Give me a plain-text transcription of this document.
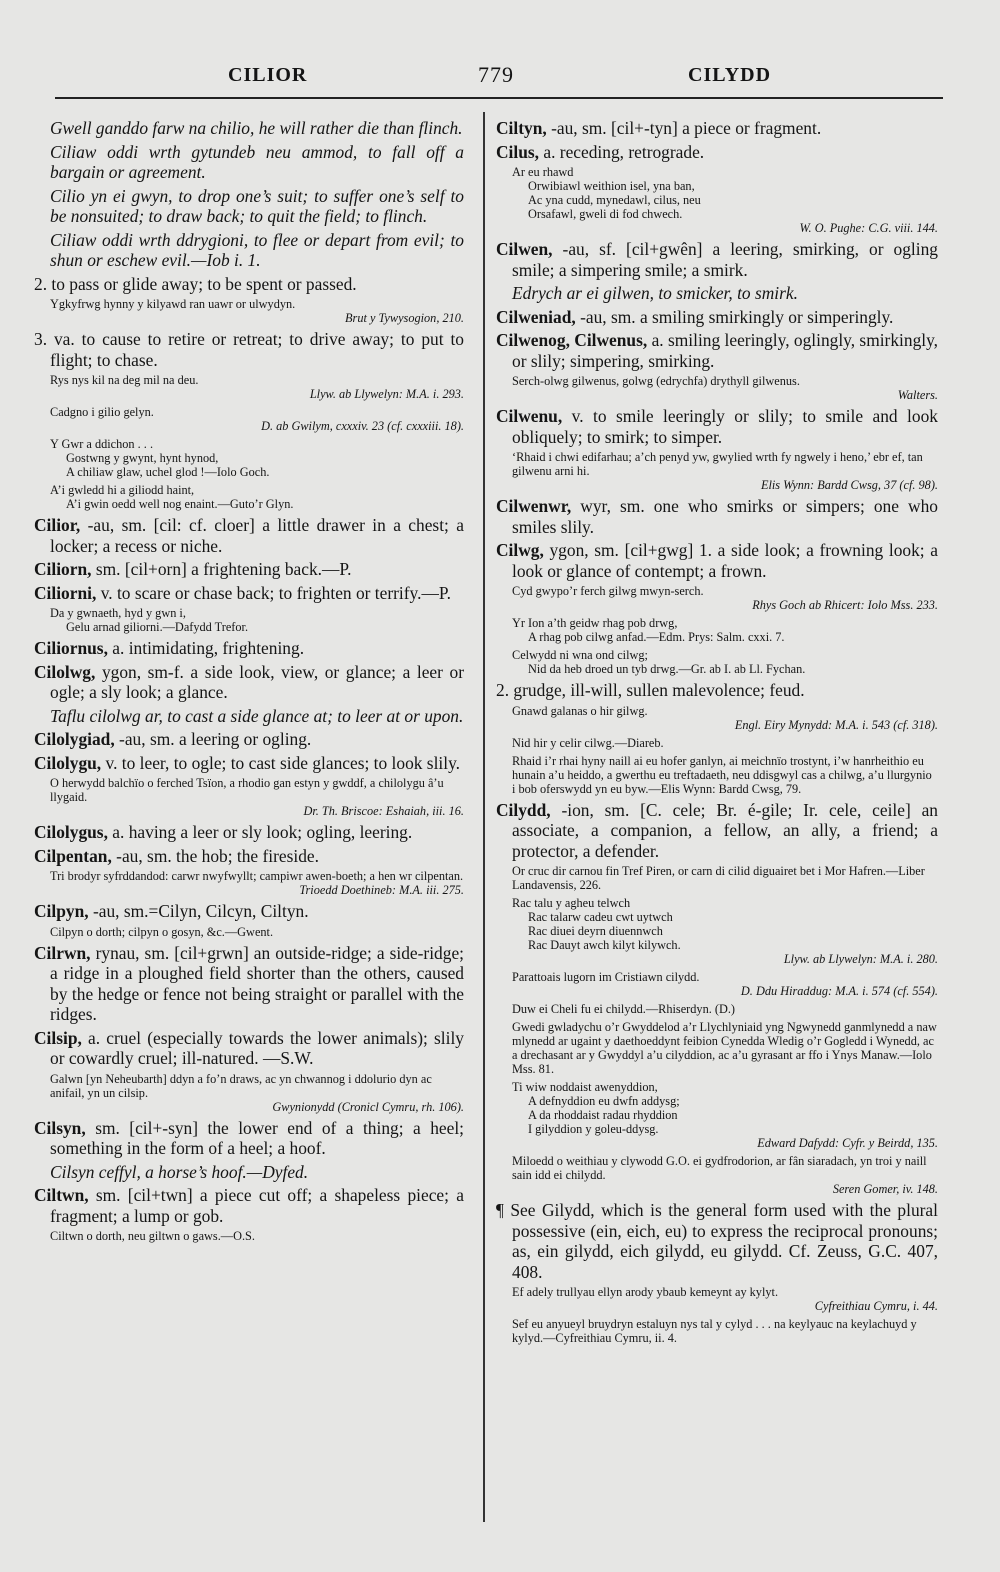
CILIOR	779	CILYDD

Gwell ganddo farw na chilio, he will rather die than flinch.

Ciliaw oddi wrth gytundeb neu ammod, to fall off a bargain or agreement.

Cilio yn ei gwyn, to drop one’s suit; to suffer one’s self to be nonsuited; to draw back; to quit the field; to flinch.

Ciliaw oddi wrth ddrygioni, to flee or depart from evil; to shun or eschew evil.—Iob i. 1.

2. to pass or glide away; to be spent or passed.

Ygkyfrwg hynny y kilyawd ran uawr or ulwydyn.
Brut y Tywysogion, 210.

3. va. to cause to retire or retreat; to drive away; to put to flight; to chase.

Rys nys kil na deg mil na deu.
Llyw. ab Llywelyn: M.A. i. 293.
Cadgno i gilio gelyn.
D. ab Gwilym, cxxxiv. 23 (cf. cxxxiii. 18).
Y Gwr a ddichon . . .
Gostwng y gwynt, hynt hynod,
A chiliaw glaw, uchel glod !—Iolo Goch.
A’i gwledd hi a giliodd haint,
A’i gwin oedd well nog enaint.—Guto’r Glyn.

Cilior, -au, sm. [cil: cf. cloer] a little drawer in a chest; a locker; a recess or niche.

Ciliorn, sm. [cil+orn] a frightening back.—P.

Ciliorni, v. to scare or chase back; to frighten or terrify.—P.

Da y gwnaeth, hyd y gwn i,
Gelu arnad giliorni.—Dafydd Trefor.

Ciliornus, a. intimidating, frightening.

Cilolwg, ygon, sm-f. a side look, view, or glance; a leer or ogle; a sly look; a glance.

Taflu cilolwg ar, to cast a side glance at; to leer at or upon.

Cilolygiad, -au, sm. a leering or ogling.

Cilolygu, v. to leer, to ogle; to cast side glances; to look slily.

O herwydd balchïo o ferched Tsïon, a rhodio gan estyn y gwddf, a chilolygu â’u llygaid.
Dr. Th. Briscoe: Eshaiah, iii. 16.

Cilolygus, a. having a leer or sly look; ogling, leering.

Cilpentan, -au, sm. the hob; the fireside.

Tri brodyr syfrddandod: carwr nwyfwyllt; campiwr awen-boeth; a hen wr cilpentan.
Trioedd Doethineb: M.A. iii. 275.

Cilpyn, -au, sm.=Cilyn, Cilcyn, Ciltyn.

Cilpyn o dorth; cilpyn o gosyn, &c.—Gwent.

Cilrwn, rynau, sm. [cil+grwn] an outside-ridge; a side-ridge; a ridge in a ploughed field shorter than the others, caused by the hedge or fence not being straight or parallel with the ridges.

Cilsip, a. cruel (especially towards the lower animals); slily or cowardly cruel; ill-natured. —S.W.

Galwn [yn Neheubarth] ddyn a fo’n draws, ac yn chwannog i ddolurio dyn ac anifail, yn un cilsip.
Gwynionydd (Cronicl Cymru, rh. 106).

Cilsyn, sm. [cil+-syn] the lower end of a thing; a heel; something in the form of a heel; a hoof.

Cilsyn ceffyl, a horse’s hoof.—Dyfed.

Ciltwn, sm. [cil+twn] a piece cut off; a shapeless piece; a fragment; a lump or gob.

Ciltwn o dorth, neu giltwn o gaws.—O.S.

Ciltyn, -au, sm. [cil+-tyn] a piece or fragment.

Cilus, a. receding, retrograde.

Ar eu rhawd
Orwibiawl weithion isel, yna ban,
Ac yna cudd, mynedawl, cilus, neu
Orsafawl, gweli di fod chwech.
W. O. Pughe: C.G. viii. 144.

Cilwen, -au, sf. [cil+gwên] a leering, smirking, or ogling smile; a simpering smile; a smirk.

Edrych ar ei gilwen, to smicker, to smirk.

Cilweniad, -au, sm. a smiling smirkingly or simperingly.

Cilwenog, Cilwenus, a. smiling leeringly, oglingly, smirkingly, or slily; simpering, smirking.

Serch-olwg gilwenus, golwg (edrychfa) drythyll gilwenus.
Walters.

Cilwenu, v. to smile leeringly or slily; to smile and look obliquely; to smirk; to simper.

‘Rhaid i chwi edifarhau; a’ch penyd yw, gwylied wrth fy ngwely i heno,’ ebr ef, tan gilwenu arni hi.
Elis Wynn: Bardd Cwsg, 37 (cf. 98).

Cilwenwr, wyr, sm. one who smirks or simpers; one who smiles slily.

Cilwg, ygon, sm. [cil+gwg] 1. a side look; a frowning look; a look or glance of contempt; a frown.

Cyd gwypo’r ferch gilwg mwyn-serch.
Rhys Goch ab Rhicert: Iolo Mss. 233.
Yr Ion a’th geidw rhag pob drwg,
A rhag pob cilwg anfad.—Edm. Prys: Salm. cxxi. 7.
Celwydd ni wna ond cilwg;
Nid da heb droed un tyb drwg.—Gr. ab I. ab Ll. Fychan.

2. grudge, ill-will, sullen malevolence; feud.

Gnawd galanas o hir gilwg.
Engl. Eiry Mynydd: M.A. i. 543 (cf. 318).
Nid hir y celir cilwg.—Diareb.
Rhaid i’r rhai hyny naill ai eu hofer ganlyn, ai meichnïo trostynt, i’w hanrheithio eu hunain a’u heiddo, a gwerthu eu treftadaeth, neu ddisgwyl cas a chilwg, a’u llurgynio i bob oferswydd yn eu byw.—Elis Wynn: Bardd Cwsg, 79.

Cilydd, -ion, sm. [C. cele; Br. é-gile; Ir. cele, ceile] an associate, a companion, a fellow, an ally, a friend; a protector, a defender.

Or cruc dir carnou fin Tref Piren, or carn di cilid diguairet bet i Mor Hafren.—Liber Landavensis, 226.
Rac talu y agheu telwch
Rac talarw cadeu cwt uytwch
Rac diuei deyrn diuennwch
Rac Dauyt awch kilyt kilywch.
Llyw. ab Llywelyn: M.A. i. 280.
Parattoais lugorn im Cristiawn cilydd.
D. Ddu Hiraddug: M.A. i. 574 (cf. 554).
Duw ei Cheli fu ei chilydd.—Rhiserdyn. (D.)
Gwedi gwladychu o’r Gwyddelod a’r Llychlyniaid yng Ngwynedd ganmlynedd a naw mlynedd ar ugaint y daethoeddynt feibion Cynedda Wledig o’r Gogledd i Wynedd, ac a drechasant ar y Gwyddyl a’u cilyddion, ac a’u gyrasant ar ffo i Ynys Manaw.—Iolo Mss. 81.
Ti wiw noddaist awenyddion,
A defnyddion eu dwfn addysg;
A da rhoddaist radau rhyddion
I gilyddion y goleu-ddysg.
Edward Dafydd: Cyfr. y Beirdd, 135.
Miloedd o weithiau y clywodd G.O. ei gydfrodorion, ar fân siaradach, yn troi y naill sain idd ei chilydd.
Seren Gomer, iv. 148.

¶ See Gilydd, which is the general form used with the plural possessive (ein, eich, eu) to express the reciprocal pronouns; as, ein gilydd, eich gilydd, eu gilydd. Cf. Zeuss, G.C. 407, 408.

Ef adely trullyau ellyn arody ybaub kemeynt ay kylyt.
Cyfreithiau Cymru, i. 44.
Sef eu anyueyl bruydryn estaluyn nys tal y cylyd . . . na keylyauc na keylachuyd y kylyd.—Cyfreithiau Cymru, ii. 4.
